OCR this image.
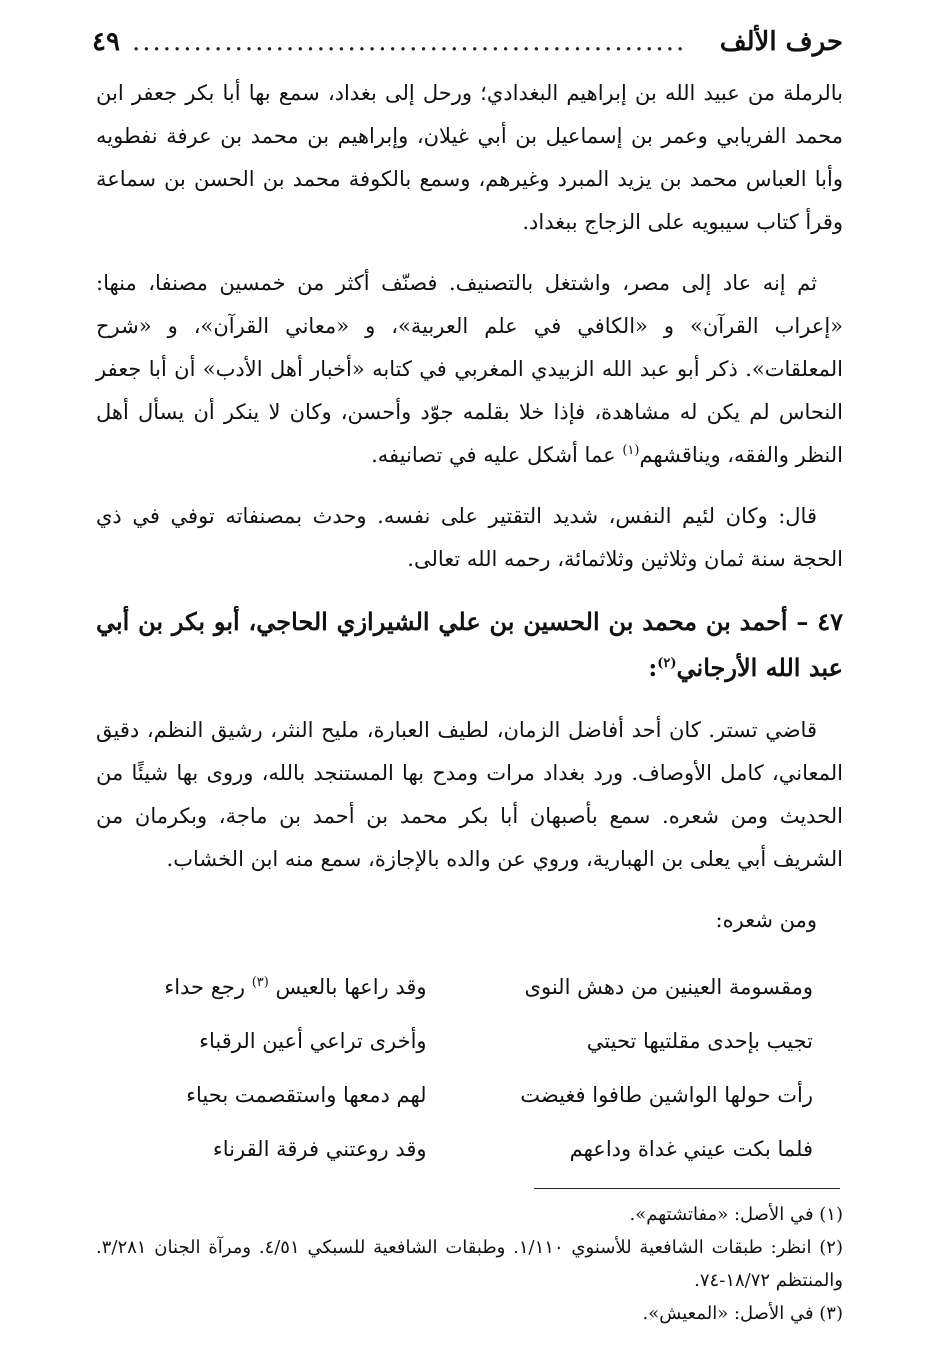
٤٩ ......................................................	حرف الألف

بالرملة من عبيد الله بن إبراهيم البغدادي؛ ورحل إلى بغداد، سمع بها أبا بكر جعفر ابن محمد الفريابي وعمر بن إسماعيل بن أبي غيلان، وإبراهيم بن محمد بن عرفة نفطويه وأبا العباس محمد بن يزيد المبرد وغيرهم، وسمع بالكوفة محمد بن الحسن بن سماعة وقرأ كتاب سيبويه على الزجاج ببغداد.

ثم إنه عاد إلى مصر، واشتغل بالتصنيف. فصنّف أكثر من خمسين مصنفا، منها: «إعراب القرآن» و «الكافي في علم العربية»، و «معاني القرآن»، و «شرح المعلقات». ذكر أبو عبد الله الزبيدي المغربي في كتابه «أخبار أهل الأدب» أن أبا جعفر النحاس لم يكن له مشاهدة، فإذا خلا بقلمه جوّد وأحسن، وكان لا ينكر أن يسأل أهل النظر والفقه، ويناقشهم$^{(١)}$ عما أشكل عليه في تصانيفه.

قال: وكان لئيم النفس، شديد التقتير على نفسه. وحدث بمصنفاته توفي في ذي الحجة سنة ثمان وثلاثين وثلاثمائة، رحمه الله تعالى.

٤٧ – أحمد بن محمد بن الحسين بن علي الشيرازي الحاجي، أبو بكر بن أبي عبد الله الأرجاني$^{(٢)}$:

قاضي تستر. كان أحد أفاضل الزمان، لطيف العبارة، مليح النثر، رشيق النظم، دقيق المعاني، كامل الأوصاف. ورد بغداد مرات ومدح بها المستنجد بالله، وروى بها شيئًا من الحديث ومن شعره. سمع بأصبهان أبا بكر محمد بن أحمد بن ماجة، وبكرمان من الشريف أبي يعلى بن الهبارية، وروي عن والده بالإجازة، سمع منه ابن الخشاب.

ومن شعره:

ومقسومة العينين من دهش النوى	وقد راعها بالعيس $^{(٣)}$ رجع حداء
تجيب بإحدى مقلتيها تحيتي	وأخرى تراعي أعين الرقباء
رأت حولها الواشين طافوا فغيضت	لهم دمعها واستقصمت بحياء
فلما بكت عيني غداة وداعهم	وقد روعتني فرقة القرناء

(١) في الأصل: «مفاتشتهم».

(٢) انظر: طبقات الشافعية للأسنوي ١/١١٠. وطبقات الشافعية للسبكي ٤/٥١. ومرآة الجنان ٣/٢٨١. والمنتظم ١٨/٧٢-٧٤.

(٣) في الأصل: «المعيش».
